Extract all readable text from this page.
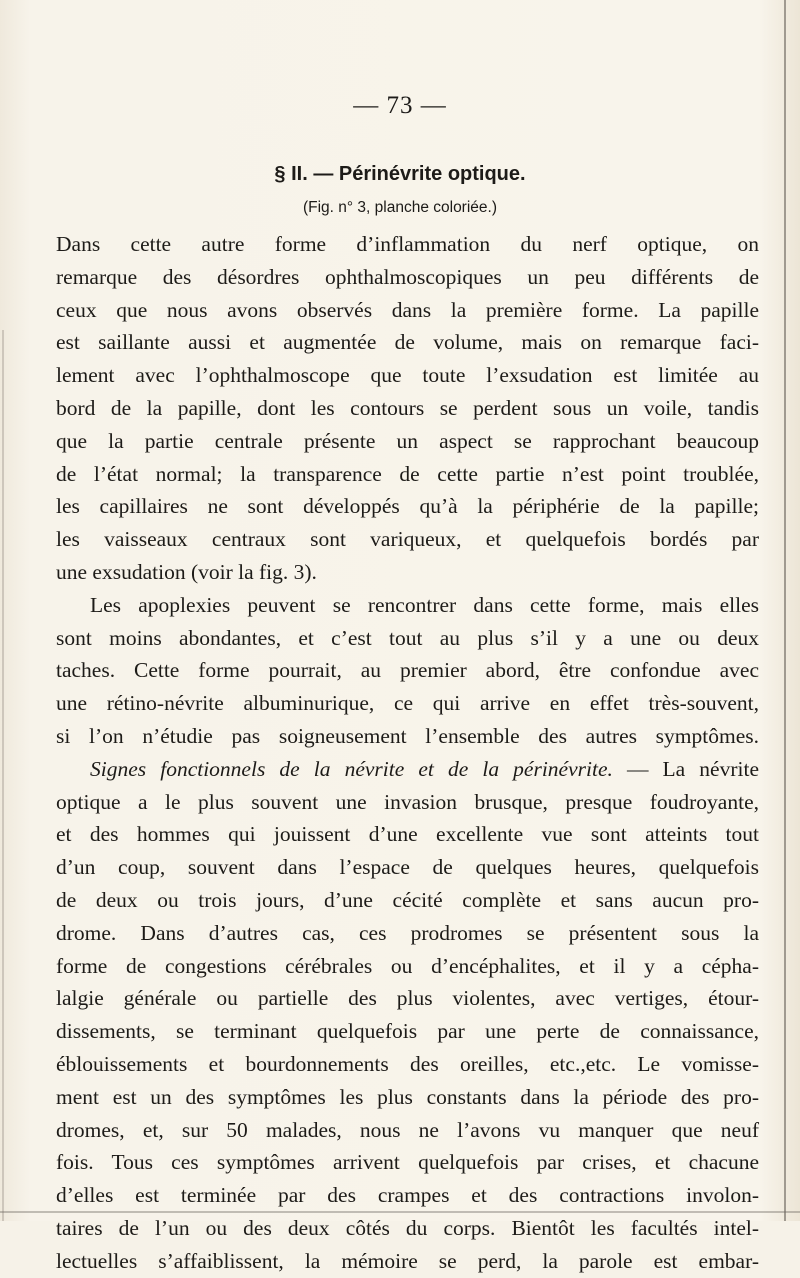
— 73 —
§ II. — Périnévrite optique.
(Fig. n° 3, planche coloriée.)
Dans cette autre forme d’inflammation du nerf optique, on
remarque des désordres ophthalmoscopiques un peu différents de
ceux que nous avons observés dans la première forme. La papille
est saillante aussi et augmentée de volume, mais on remarque faci-
lement avec l’ophthalmoscope que toute l’exsudation est limitée au
bord de la papille, dont les contours se perdent sous un voile, tandis
que la partie centrale présente un aspect se rapprochant beaucoup
de l’état normal; la transparence de cette partie n’est point troublée,
les capillaires ne sont développés qu’à la périphérie de la papille;
les vaisseaux centraux sont variqueux, et quelquefois bordés par
une exsudation (voir la fig. 3).
Les apoplexies peuvent se rencontrer dans cette forme, mais elles
sont moins abondantes, et c’est tout au plus s’il y a une ou deux
taches. Cette forme pourrait, au premier abord, être confondue avec
une rétino-névrite albuminurique, ce qui arrive en effet très-souvent,
si l’on n’étudie pas soigneusement l’ensemble des autres symptômes.
Signes fonctionnels de la névrite et de la périnévrite. — La névrite
optique a le plus souvent une invasion brusque, presque foudroyante,
et des hommes qui jouissent d’une excellente vue sont atteints tout
d’un coup, souvent dans l’espace de quelques heures, quelquefois
de deux ou trois jours, d’une cécité complète et sans aucun pro-
drome. Dans d’autres cas, ces prodromes se présentent sous la
forme de congestions cérébrales ou d’encéphalites, et il y a cépha-
lalgie générale ou partielle des plus violentes, avec vertiges, étour-
dissements, se terminant quelquefois par une perte de connaissance,
éblouissements et bourdonnements des oreilles, etc.,etc. Le vomisse-
ment est un des symptômes les plus constants dans la période des pro-
dromes, et, sur 50 malades, nous ne l’avons vu manquer que neuf
fois. Tous ces symptômes arrivent quelquefois par crises, et chacune
d’elles est terminée par des crampes et des contractions involon-
taires de l’un ou des deux côtés du corps. Bientôt les facultés intel-
lectuelles s’affaiblissent, la mémoire se perd, la parole est embar-
